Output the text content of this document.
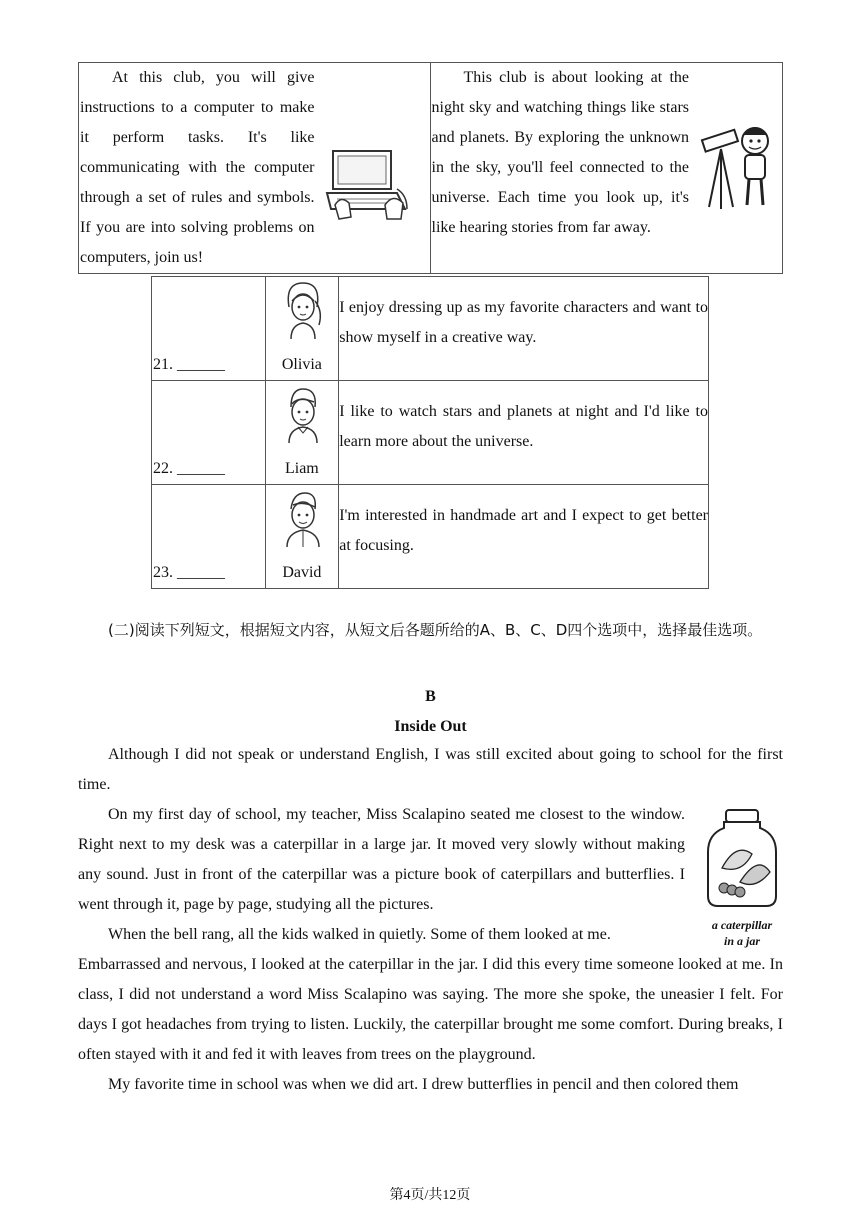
At this club, you will give instructions to a computer to make it perform tasks. It's like communicating with the computer through a set of rules and symbols. If you are into solving problems on computers, join us!

This club is about looking at the night sky and watching things like stars and planets. By exploring the unknown in the sky, you'll feel connected to the universe. Each time you look up, it's like hearing stories from far away.
21. ______	Olivia	I enjoy dressing up as my favorite characters and want to show myself in a creative way.

22. ______	Liam	I like to watch stars and planets at night and I'd like to learn more about the universe.

23. ______	David	I'm interested in handmade art and I expect to get better at focusing.
(二)阅读下列短文，根据短文内容，从短文后各题所给的A、B、C、D四个选项中，选择最佳选项。
B
Inside Out
Although I did not speak or understand English, I was still excited about going to school for the first time.
On my first day of school, my teacher, Miss Scalapino seated me closest to the window. Right next to my desk was a caterpillar in a large jar. It moved very slowly without making any sound. Just in front of the caterpillar was a picture book of caterpillars and butterflies. I went through it, page by page, studying all the pictures.
When the bell rang, all the kids walked in quietly. Some of them looked at me.
a caterpillar
in a jar
Embarrassed and nervous, I looked at the caterpillar in the jar. I did this every time someone looked at me. In class, I did not understand a word Miss Scalapino was saying. The more she spoke, the uneasier I felt. For days I got headaches from trying to listen. Luckily, the caterpillar brought me some comfort. During breaks, I often stayed with it and fed it with leaves from trees on the playground.
My favorite time in school was when we did art. I drew butterflies in pencil and then colored them
第4页/共12页
